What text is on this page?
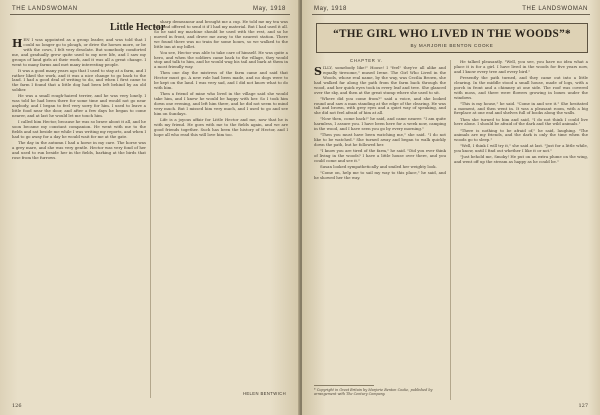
THE LANDSWOMAN	May, 1918
Little Hector

HEN I was appointed as a group leader, and was told that I could no longer go to plough, or drive the horses more, or be with the cows, I felt very desolate. But somebody comforted me, and gradually grew quite used to my new life, and I saw my groups of land girls at their work, and it was all a great change. I went to many farms and met many interesting people.

It was a good many years ago that I used to stay at a farm, and I rather liked the work, and it was a nice change to go back to the land. I had a good deal of writing to do, and when I first came to the farm I found that a little dog had been left behind by an old soldier.

He was a small rough-haired terrier, and he was very lonely. I was told he had been there for some time and would not go near anybody, and I began to feel very sorry for him. I used to leave a little food near the door, and after a few days he began to come nearer, and at last he would let me touch him.

I called him Hector, because he was so brave about it all, and he soon became my constant companion. He went with me to the fields and sat beside me while I was writing my reports, and when I had to go away for a day he would wait for me at the gate.

The day in the autumn I had a horse in my care. The horse was a grey mare, and she was very gentle. Hector was very fond of her and used to run beside her in the fields, barking at the birds that rose from the furrows.

sharp demeanour and brought me a cup. He told me my tea was hot, and offered to send it if I had my material. But I had used it all. So he said my machine should be used with the rest, and so he moved in front, and drove me away to the nearest station. There we found there was no train for some hours, so we walked to the little inn at my billet.

You see, Hector was able to take care of himself. He was quite a hero, and when the soldiers came back to the village, they would stop and talk to him, and he would wag his tail and bark at them in a most friendly way.

Then one day the mistress of the farm came and said that Hector must go. A new rule had been made, and no dogs were to be kept on the land. I was very sad, and I did not know what to do with him.

Then a friend of mine who lived in the village said she would take him, and I knew he would be happy with her. So I took him down one evening, and left him there, and he did not seem to mind very much. But I missed him very much, and I used to go and see him on Sundays.

Life is a joyous affair for Little Hector and me, now that he is with my friend. He goes with me to the fields again, and we are good friends together. Such has been the history of Hector, and I hope all who read this will love him too.

HELEN BENTWICH
126
May, 1918	THE LANDSWOMAN
“THE GIRL WHO LIVED IN THE WOODS”*
By MARJORIE BENTON COOKE
CHAPTER V.

SILLY, somebody like!" Hoose! I "feel" they're all alike and equally tiresome," mused Irene. The Girl Who Lived in the Woods, whose real name, by the way, was Cecilia Brown, she had walked far along the path from the farm back through the wood, and her quick eyes took in every leaf and tree. She glanced over the sky, and then at the great stump where she used to sit.

"Where did you come from?" said a voice, and she looked round and saw a man standing at the edge of the clearing. He was tall and brown, with grey eyes and a quiet way of speaking, and she did not feel afraid of him at all.

"Now then, come back!" he said, and came nearer. "I am quite harmless, I assure you. I have been here for a week now, camping in the wood, and I have seen you go by every morning."

"Then you must have been watching me," she said. "I do not like to be watched." She turned away and began to walk quickly down the path, but he followed her.

"I know you are tired of the farm," he said. "Did you ever think of living in the woods? I have a little house over there, and you could come and see it."

Susan looked sympathetically and smiled her weighty look.

"Come on, help me to sail my way to this place," he said, and he showed her the way.

He talked pleasantly. "Well, you see, you have no idea what a place it is for a girl. I have lived in the woods for five years now, and I know every tree and every bird."

Presently the path turned, and they came out into a little clearing. In the middle stood a small house, made of logs, with a porch in front and a chimney at one side. The roof was covered with moss, and there were flowers growing in boxes under the windows.

"This is my house," he said. "Come in and see it." She hesitated a moment, and then went in. It was a pleasant room, with a big fireplace at one end and shelves full of books along the walls.

Then she turned to him and said, "I do not think I could live here alone. I should be afraid of the dark and the wild animals."

"There is nothing to be afraid of," he said, laughing. "The animals are my friends, and the dark is only the time when the woods go to sleep."

"Well, I think I will try it," she said at last. "Just for a little while, you know, until I find out whether I like it or not."

"Just behold me, Smoky! He put on an extra plume on the wing, and went off up the stream as happy as he could be."

* Copyright in Great Britain by Marjorie Benton Cooke, published by arrangement with The Century Company.
127
